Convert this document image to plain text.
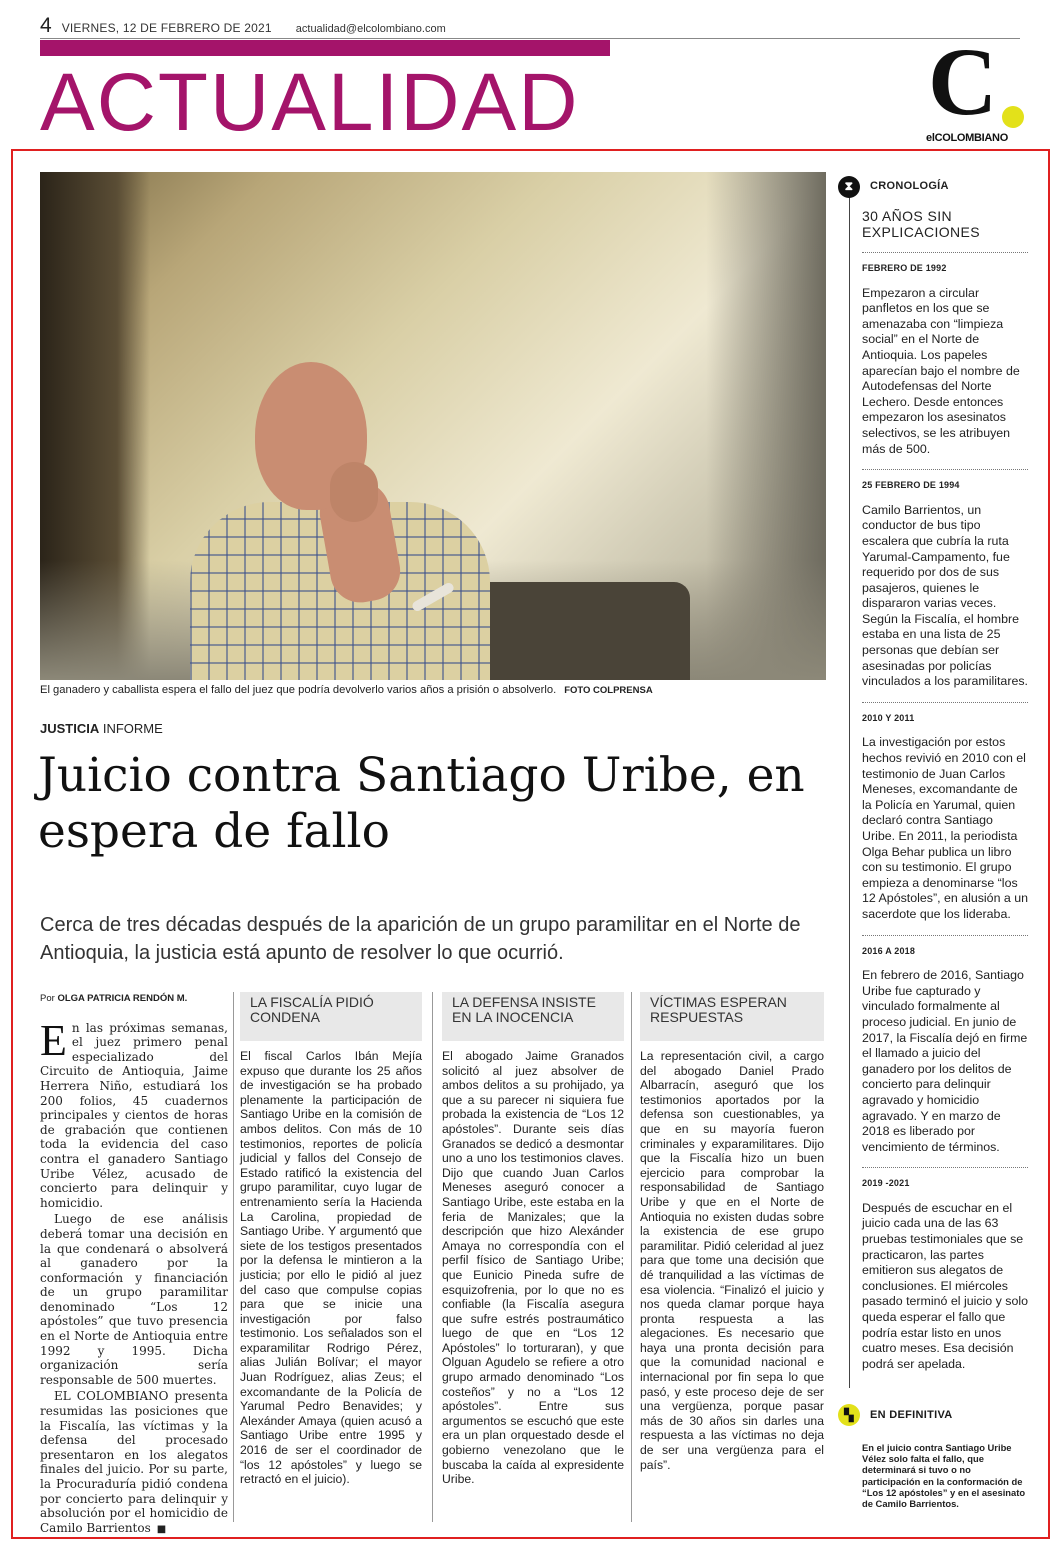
4 VIERNES, 12 DE FEBRERO DE 2021 actualidad@elcolombiano.com
ACTUALIDAD	C
elCOLOMBIANO
El ganadero y caballista espera el fallo del juez que podría devolverlo varios años a prisión o absolverlo. FOTO COLPRENSA
JUSTICIA INFORME
Juicio contra Santiago Uribe, en espera de fallo
Cerca de tres décadas después de la aparición de un grupo paramilitar en el Norte de Antioquia, la justicia está apunto de resolver lo que ocurrió.
Por OLGA PATRICIA RENDÓN M.

En las próximas semanas, el juez primero penal especializado del Circuito de Antioquia, Jaime Herrera Niño, estudiará los 200 folios, 45 cuadernos principales y cientos de horas de grabación que contienen toda la evidencia del caso contra el ganadero Santiago Uribe Vélez, acusado de concierto para delinquir y homicidio.

Luego de ese análisis deberá tomar una decisión en la que condenará o absolverá al ganadero por la conformación y financiación de un grupo paramilitar denominado “Los 12 apóstoles” que tuvo presencia en el Norte de Antioquia entre 1992 y 1995. Dicha organización sería responsable de 500 muertes.

EL COLOMBIANO presenta resumidas las posiciones que la Fiscalía, las víctimas y la defensa del procesado presentaron en los alegatos finales del juicio. Por su parte, la Procuraduría pidió condena por concierto para delinquir y absolución por el homicidio de Camilo Barrientos ■

LA FISCALÍA PIDIÓ CONDENA

El fiscal Carlos Ibán Mejía expuso que durante los 25 años de investigación se ha probado plenamente la participación de Santiago Uribe en la comisión de ambos delitos. Con más de 10 testimonios, reportes de policía judicial y fallos del Consejo de Estado ratificó la existencia del grupo paramilitar, cuyo lugar de entrenamiento sería la Hacienda La Carolina, propiedad de Santiago Uribe. Y argumentó que siete de los testigos presentados por la defensa le mintieron a la justicia; por ello le pidió al juez del caso que compulse copias para que se inicie una investigación por falso testimonio. Los señalados son el exparamilitar Rodrigo Pérez, alias Julián Bolívar; el mayor Juan Rodríguez, alias Zeus; el excomandante de la Policía de Yarumal Pedro Benavides; y Alexánder Amaya (quien acusó a Santiago Uribe entre 1995 y 2016 de ser el coordinador de “los 12 apóstoles” y luego se retractó en el juicio).

LA DEFENSA INSISTE EN LA INOCENCIA

El abogado Jaime Granados solicitó al juez absolver de ambos delitos a su prohijado, ya que a su parecer ni siquiera fue probada la existencia de “Los 12 apóstoles”. Durante seis días Granados se dedicó a desmontar uno a uno los testimonios claves. Dijo que cuando Juan Carlos Meneses aseguró conocer a Santiago Uribe, este estaba en la feria de Manizales; que la descripción que hizo Alexánder Amaya no correspondía con el perfil físico de Santiago Uribe; que Eunicio Pineda sufre de esquizofrenia, por lo que no es confiable (la Fiscalía asegura que sufre estrés postraumático luego de que en “Los 12 Apóstoles” lo torturaran), y que Olguan Agudelo se refiere a otro grupo armado denominado “Los costeños” y no a “Los 12 apóstoles”. Entre sus argumentos se escuchó que este era un plan orquestado desde el gobierno venezolano que le buscaba la caída al expresidente Uribe.

VÍCTIMAS ESPERAN RESPUESTAS

La representación civil, a cargo del abogado Daniel Prado Albarracín, aseguró que los testimonios aportados por la defensa son cuestionables, ya que en su mayoría fueron criminales y exparamilitares. Dijo que la Fiscalía hizo un buen ejercicio para comprobar la responsabilidad de Santiago Uribe y que en el Norte de Antioquia no existen dudas sobre la existencia de ese grupo paramilitar. Pidió celeridad al juez para que tome una decisión que dé tranquilidad a las víctimas de esa violencia. “Finalizó el juicio y nos queda clamar porque haya pronta respuesta a las alegaciones. Es necesario que haya una pronta decisión para que la comunidad nacional e internacional por fin sepa lo que pasó, y este proceso deje de ser una vergüenza, porque pasar más de 30 años sin darles una respuesta a las víctimas no deja de ser una vergüenza para el país”.

⧗	CRONOLOGÍA
30 AÑOS SIN EXPLICACIONES
FEBRERO DE 1992
Empezaron a circular panfletos en los que se amenazaba con “limpieza social” en el Norte de Antioquia. Los papeles aparecían bajo el nombre de Autodefensas del Norte Lechero. Desde entonces empezaron los asesinatos selectivos, se les atribuyen más de 500.
25 FEBRERO DE 1994
Camilo Barrientos, un conductor de bus tipo escalera que cubría la ruta Yarumal-Campamento, fue requerido por dos de sus pasajeros, quienes le dispararon varias veces. Según la Fiscalía, el hombre estaba en una lista de 25 personas que debían ser asesinadas por policías vinculados a los paramilitares.
2010 Y 2011
La investigación por estos hechos revivió en 2010 con el testimonio de Juan Carlos Meneses, excomandante de la Policía en Yarumal, quien declaró contra Santiago Uribe. En 2011, la periodista Olga Behar publica un libro con su testimonio. El grupo empieza a denominarse “los 12 Apóstoles”, en alusión a un sacerdote que los lideraba.
2016 A 2018
En febrero de 2016, Santiago Uribe fue capturado y vinculado formalmente al proceso judicial. En junio de 2017, la Fiscalía dejó en firme el llamado a juicio del ganadero por los delitos de concierto para delinquir agravado y homicidio agravado. Y en marzo de 2018 es liberado por vencimiento de términos.
2019 -2021
Después de escuchar en el juicio cada una de las 63 pruebas testimoniales que se practicaron, las partes emitieron sus alegatos de conclusiones. El miércoles pasado terminó el juicio y solo queda esperar el fallo que podría estar listo en unos cuatro meses. Esa decisión podrá ser apelada.
▚	EN DEFINITIVA
En el juicio contra Santiago Uribe Vélez solo falta el fallo, que determinará si tuvo o no participación en la conformación de “Los 12 apóstoles” y en el asesinato de Camilo Barrientos.
